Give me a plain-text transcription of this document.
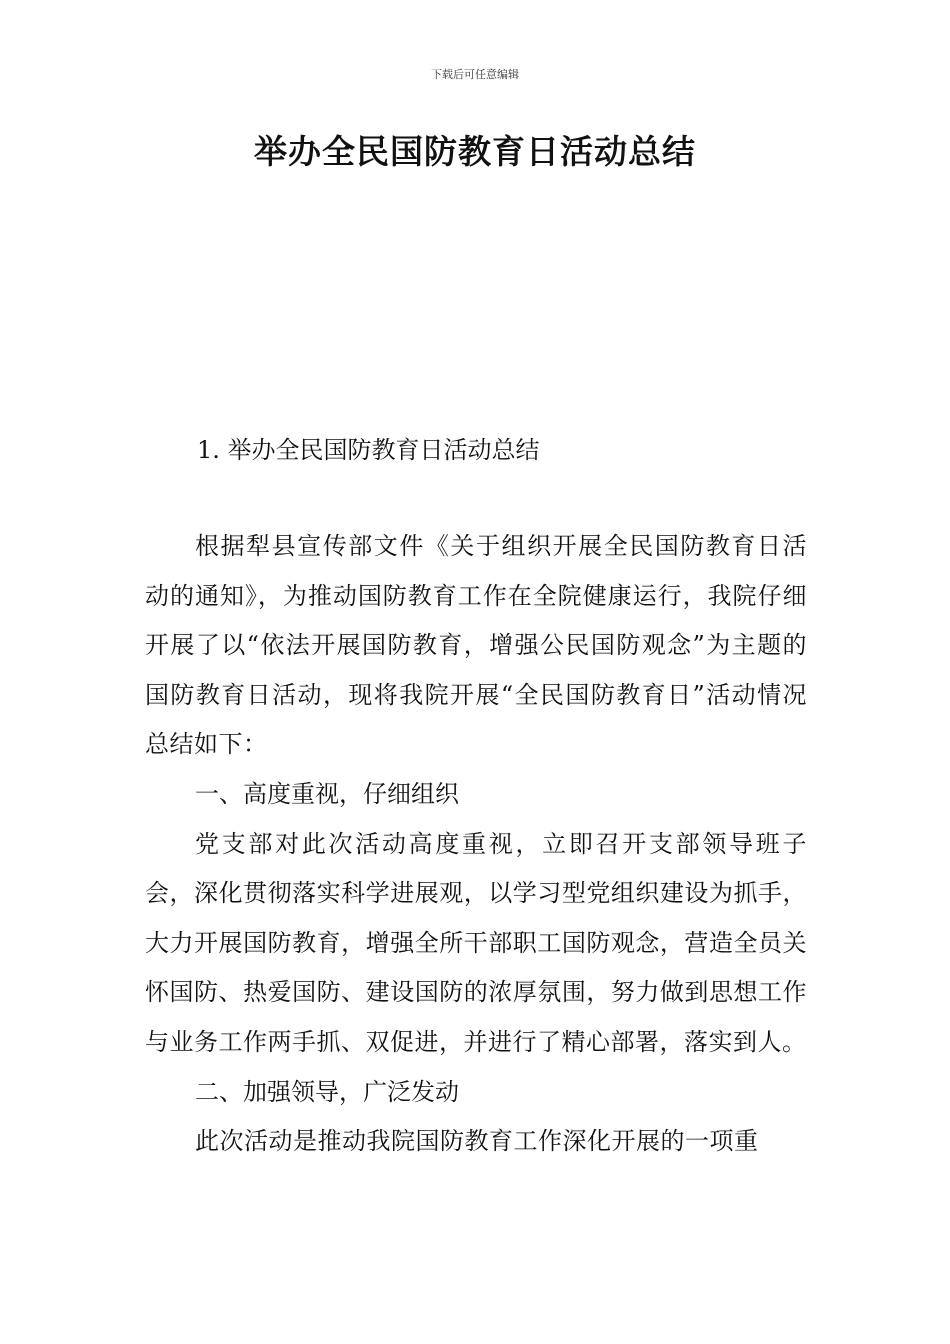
下载后可任意编辑
举办全民国防教育日活动总结
1. 举办全民国防教育日活动总结

根据犁县宣传部文件《关于组织开展全民国防教育日活动的通知》，为推动国防教育工作在全院健康运行，我院仔细开展了以“依法开展国防教育，增强公民国防观念”为主题的国防教育日活动，现将我院开展“全民国防教育日”活动情况总结如下：

一、高度重视，仔细组织

党支部对此次活动高度重视，立即召开支部领导班子会，深化贯彻落实科学进展观，以学习型党组织建设为抓手，大力开展国防教育，增强全所干部职工国防观念，营造全员关怀国防、热爱国防、建设国防的浓厚氛围，努力做到思想工作与业务工作两手抓、双促进，并进行了精心部署，落实到人。

二、加强领导，广泛发动

此次活动是推动我院国防教育工作深化开展的一项重
